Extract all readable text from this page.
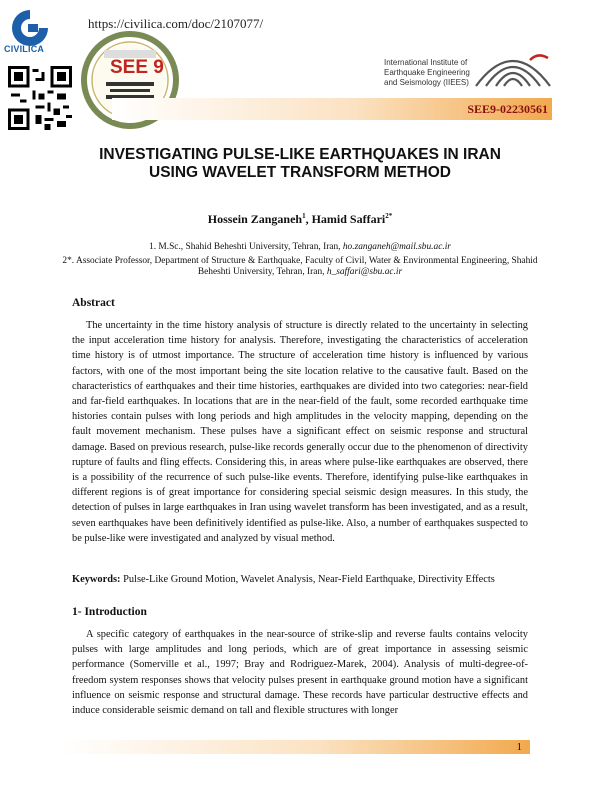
CIVILICA
https://civilica.com/doc/2107077/
SEE 9	International Institute of
Earthquake Engineering
and Seismology (IIEES)
SEE9-02230561
INVESTIGATING PULSE-LIKE EARTHQUAKES IN IRAN
USING WAVELET TRANSFORM METHOD
Hossein Zanganeh$^1$, Hamid Saffari$^{2*}$
1. M.Sc., Shahid Beheshti University, Tehran, Iran, ho.zanganeh@mail.sbu.ac.ir
2*. Associate Professor, Department of Structure & Earthquake, Faculty of Civil, Water & Environmental Engineering, Shahid Beheshti University, Tehran, Iran, h_saffari@sbu.ac.ir
Abstract
The uncertainty in the time history analysis of structure is directly related to the uncertainty in selecting the input acceleration time history for analysis. Therefore, investigating the characteristics of acceleration time history is of utmost importance. The structure of acceleration time history is influenced by various factors, with one of the most important being the site location relative to the causative fault. Based on the characteristics of earthquakes and their time histories, earthquakes are divided into two categories: near-field and far-field earthquakes. In locations that are in the near-field of the fault, some recorded earthquake time histories contain pulses with long periods and high amplitudes in the velocity mapping, depending on the fault movement mechanism. These pulses have a significant effect on seismic response and structural damage. Based on previous research, pulse-like records generally occur due to the phenomenon of directivity rupture of faults and fling effects. Considering this, in areas where pulse-like earthquakes are observed, there is a possibility of the recurrence of such pulse-like events. Therefore, identifying pulse-like earthquakes in different regions is of great importance for considering special seismic design measures. In this study, the detection of pulses in large earthquakes in Iran using wavelet transform has been investigated, and as a result, seven earthquakes have been definitively identified as pulse-like. Also, a number of earthquakes suspected to be pulse-like were investigated and analyzed by visual method.
Keywords: Pulse-Like Ground Motion, Wavelet Analysis, Near-Field Earthquake, Directivity Effects
1- Introduction
A specific category of earthquakes in the near-source of strike-slip and reverse faults contains velocity pulses with large amplitudes and long periods, which are of great importance in assessing seismic performance (Somerville et al., 1997; Bray and Rodriguez-Marek, 2004). Analysis of multi-degree-of-freedom system responses shows that velocity pulses present in earthquake ground motion have a significant influence on seismic response and structural damage. These records have particular destructive effects and induce considerable seismic demand on tall and flexible structures with longer
1
